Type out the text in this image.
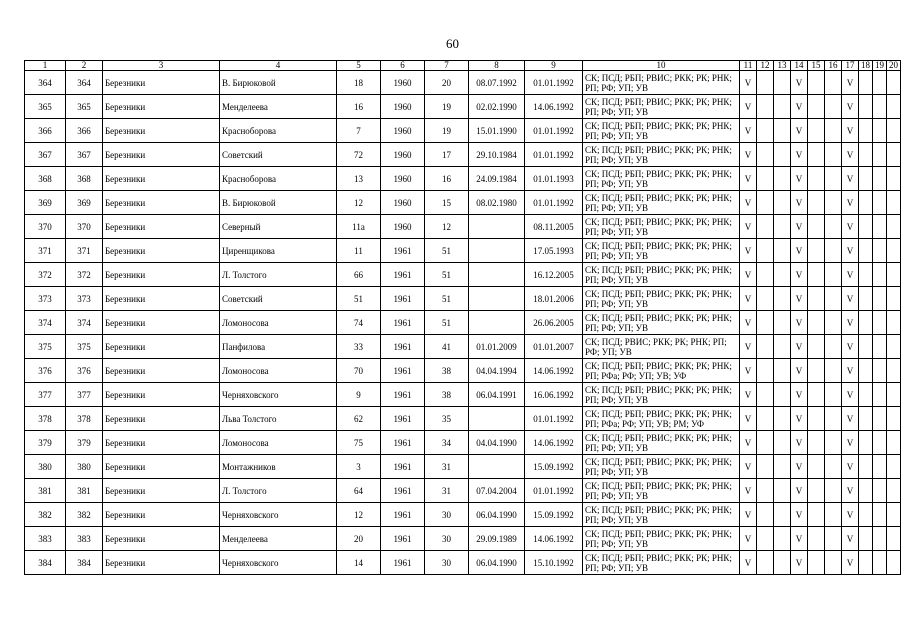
60
1	2	3	4	5	6	7	8	9	10	11	12	13	14	15	16	17	18	19	20
364	364	Березники	В. Бирюковой	18	1960	20	08.07.1992	01.01.1992	СК; ПСД; РБП; РВИС; РКК; РК; РНК; РП; РФ; УП; УВ	V			V			V			
365	365	Березники	Менделеева	16	1960	19	02.02.1990	14.06.1992	СК; ПСД; РБП; РВИС; РКК; РК; РНК; РП; РФ; УП; УВ	V			V			V			
366	366	Березники	Красноборова	7	1960	19	15.01.1990	01.01.1992	СК; ПСД; РБП; РВИС; РКК; РК; РНК; РП; РФ; УП; УВ	V			V			V			
367	367	Березники	Советский	72	1960	17	29.10.1984	01.01.1992	СК; ПСД; РБП; РВИС; РКК; РК; РНК; РП; РФ; УП; УВ	V			V			V			
368	368	Березники	Красноборова	13	1960	16	24.09.1984	01.01.1993	СК; ПСД; РБП; РВИС; РКК; РК; РНК; РП; РФ; УП; УВ	V			V			V			
369	369	Березники	В. Бирюковой	12	1960	15	08.02.1980	01.01.1992	СК; ПСД; РБП; РВИС; РКК; РК; РНК; РП; РФ; УП; УВ	V			V			V			
370	370	Березники	Северный	11а	1960	12		08.11.2005	СК; ПСД; РБП; РВИС; РКК; РК; РНК; РП; РФ; УП; УВ	V			V			V			
371	371	Березники	Циренщикова	11	1961	51		17.05.1993	СК; ПСД; РБП; РВИС; РКК; РК; РНК; РП; РФ; УП; УВ	V			V			V			
372	372	Березники	Л. Толстого	66	1961	51		16.12.2005	СК; ПСД; РБП; РВИС; РКК; РК; РНК; РП; РФ; УП; УВ	V			V			V			
373	373	Березники	Советский	51	1961	51		18.01.2006	СК; ПСД; РБП; РВИС; РКК; РК; РНК; РП; РФ; УП; УВ	V			V			V			
374	374	Березники	Ломоносова	74	1961	51		26.06.2005	СК; ПСД; РБП; РВИС; РКК; РК; РНК; РП; РФ; УП; УВ	V			V			V			
375	375	Березники	Панфилова	33	1961	41	01.01.2009	01.01.2007	СК; ПСД; РВИС; РКК; РК; РНК; РП; РФ; УП; УВ	V			V			V			
376	376	Березники	Ломоносова	70	1961	38	04.04.1994	14.06.1992	СК; ПСД; РБП; РВИС; РКК; РК; РНК; РП; РФа; РФ; УП; УВ; УФ	V			V			V			
377	377	Березники	Черняховского	9	1961	38	06.04.1991	16.06.1992	СК; ПСД; РБП; РВИС; РКК; РК; РНК; РП; РФ; УП; УВ	V			V			V			
378	378	Березники	Льва Толстого	62	1961	35		01.01.1992	СК; ПСД; РБП; РВИС; РКК; РК; РНК; РП; РФа; РФ; УП; УВ; РМ; УФ	V			V			V			
379	379	Березники	Ломоносова	75	1961	34	04.04.1990	14.06.1992	СК; ПСД; РБП; РВИС; РКК; РК; РНК; РП; РФ; УП; УВ	V			V			V			
380	380	Березники	Монтажников	3	1961	31		15.09.1992	СК; ПСД; РБП; РВИС; РКК; РК; РНК; РП; РФ; УП; УВ	V			V			V			
381	381	Березники	Л. Толстого	64	1961	31	07.04.2004	01.01.1992	СК; ПСД; РБП; РВИС; РКК; РК; РНК; РП; РФ; УП; УВ	V			V			V			
382	382	Березники	Черняховского	12	1961	30	06.04.1990	15.09.1992	СК; ПСД; РБП; РВИС; РКК; РК; РНК; РП; РФ; УП; УВ	V			V			V			
383	383	Березники	Менделеева	20	1961	30	29.09.1989	14.06.1992	СК; ПСД; РБП; РВИС; РКК; РК; РНК; РП; РФ; УП; УВ	V			V			V			
384	384	Березники	Черняховского	14	1961	30	06.04.1990	15.10.1992	СК; ПСД; РБП; РВИС; РКК; РК; РНК; РП; РФ; УП; УВ	V			V			V			
